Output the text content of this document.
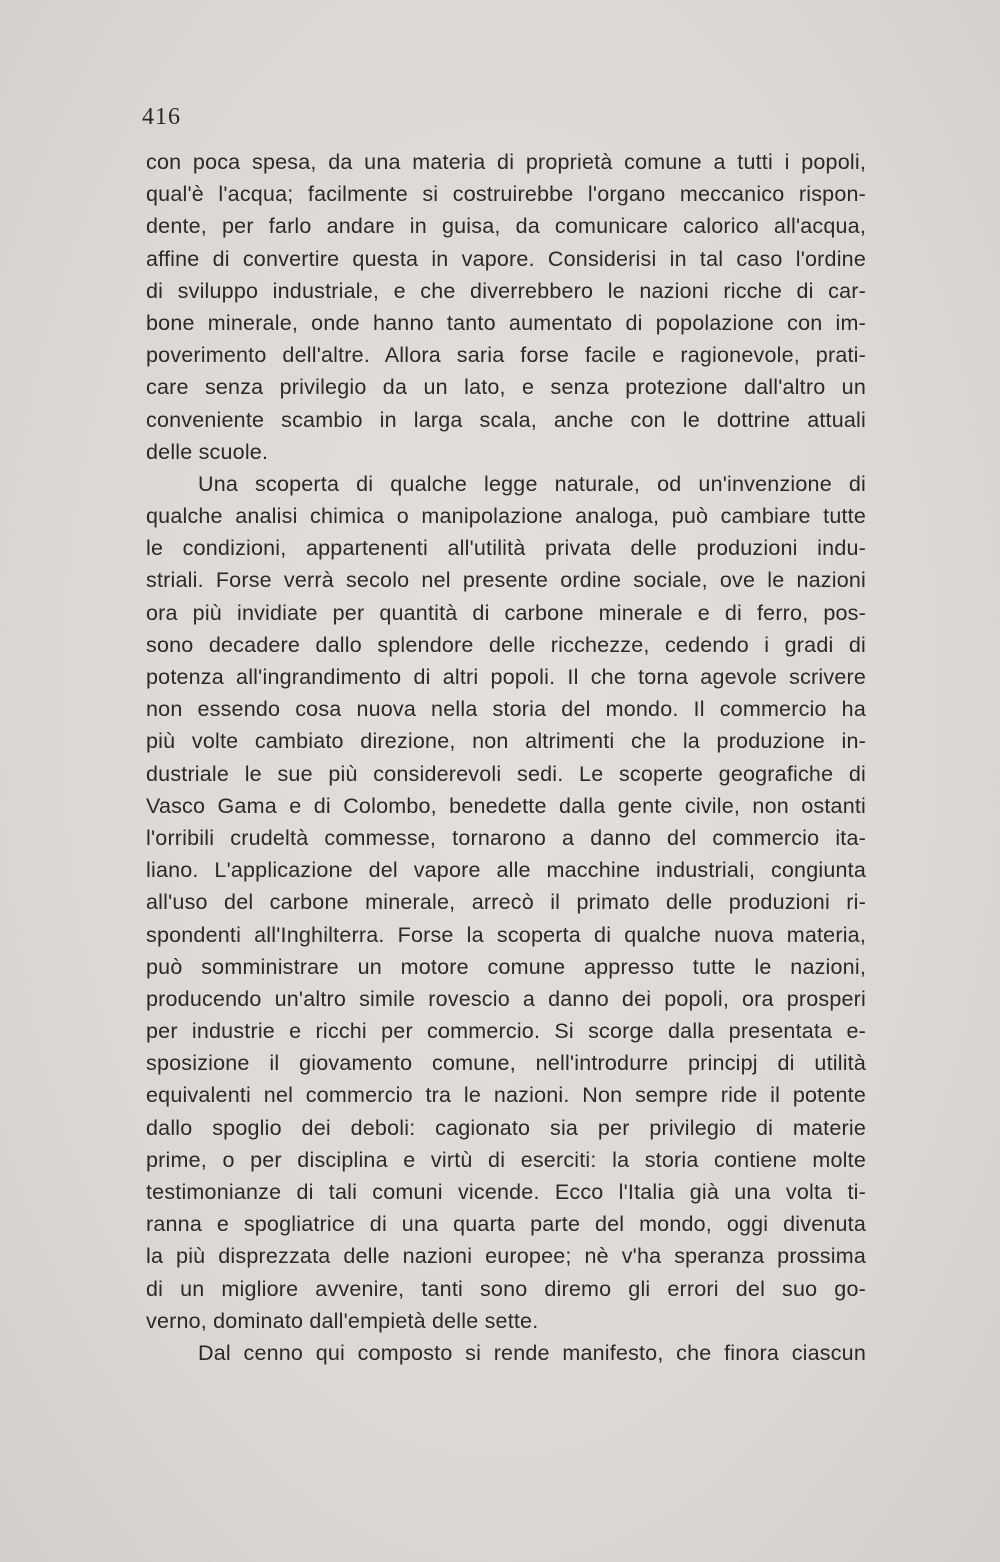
416
con poca spesa, da una materia di proprietà comune a tutti i popoli,
qual'è l'acqua; facilmente si costruirebbe l'organo meccanico rispon-
dente, per farlo andare in guisa, da comunicare calorico all'acqua,
affine di convertire questa in vapore. Considerisi in tal caso l'ordine
di sviluppo industriale, e che diverrebbero le nazioni ricche di car-
bone minerale, onde hanno tanto aumentato di popolazione con im-
poverimento dell'altre. Allora saria forse facile e ragionevole, prati-
care senza privilegio da un lato, e senza protezione dall'altro un
conveniente scambio in larga scala, anche con le dottrine attuali
delle scuole.
Una scoperta di qualche legge naturale, od un'invenzione di
qualche analisi chimica o manipolazione analoga, può cambiare tutte
le condizioni, appartenenti all'utilità privata delle produzioni indu-
striali. Forse verrà secolo nel presente ordine sociale, ove le nazioni
ora più invidiate per quantità di carbone minerale e di ferro, pos-
sono decadere dallo splendore delle ricchezze, cedendo i gradi di
potenza all'ingrandimento di altri popoli. Il che torna agevole scrivere
non essendo cosa nuova nella storia del mondo. Il commercio ha
più volte cambiato direzione, non altrimenti che la produzione in-
dustriale le sue più considerevoli sedi. Le scoperte geografiche di
Vasco Gama e di Colombo, benedette dalla gente civile, non ostanti
l'orribili crudeltà commesse, tornarono a danno del commercio ita-
liano. L'applicazione del vapore alle macchine industriali, congiunta
all'uso del carbone minerale, arrecò il primato delle produzioni ri-
spondenti all'Inghilterra. Forse la scoperta di qualche nuova materia,
può somministrare un motore comune appresso tutte le nazioni,
producendo un'altro simile rovescio a danno dei popoli, ora prosperi
per industrie e ricchi per commercio. Si scorge dalla presentata e-
sposizione il giovamento comune, nell'introdurre principj di utilità
equivalenti nel commercio tra le nazioni. Non sempre ride il potente
dallo spoglio dei deboli: cagionato sia per privilegio di materie
prime, o per disciplina e virtù di eserciti: la storia contiene molte
testimonianze di tali comuni vicende. Ecco l'Italia già una volta ti-
ranna e spogliatrice di una quarta parte del mondo, oggi divenuta
la più disprezzata delle nazioni europee; nè v'ha speranza prossima
di un migliore avvenire, tanti sono diremo gli errori del suo go-
verno, dominato dall'empietà delle sette.
Dal cenno qui composto si rende manifesto, che finora ciascun
